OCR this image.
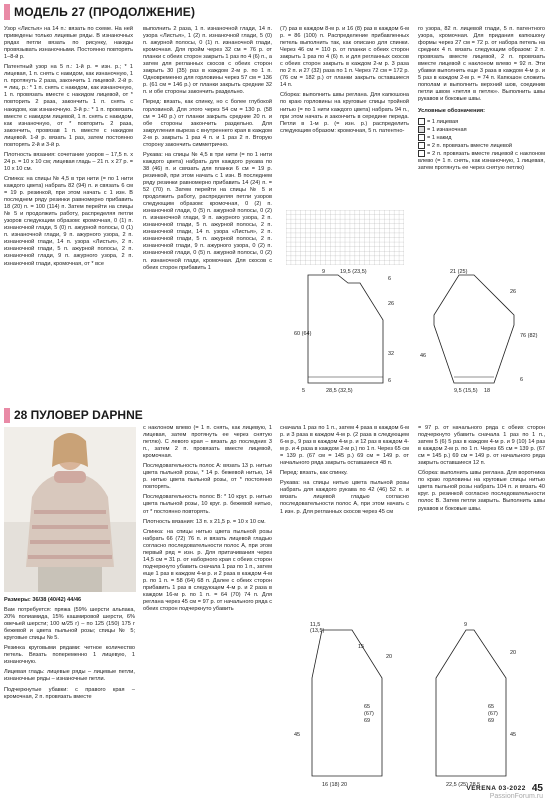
МОДЕЛЬ 27 (ПРОДОЛЖЕНИЕ)

Узор «Листья» на 14 п.: вязать по схеме. На ней приведены только лицевые ряды. В изнаночных рядах петли вязать по рисунку, накиды провязывать изнаночными. Постоянно повторять 1–8-й р.

Патентный узор на 5 п.: 1-й р. = изн. р.; * 1 лицевая, 1 п. снять с накидом, как изнаночную, 1 п. протянуть 2 раза, закончить 1 лицевой. 2-й р. = лиц. р.: * 1 п. снять с накидом, как изнаночную, 1 п. провязать вместе с накидом лицевой, от * повторить 2 раза, закончить 1 п. снять с накидом, как изнаночную. 3-й р.: * 1 п. провязать вместе с накидом лицевой, 1 п. снять с накидом, как изнаночную, от * повторить 2 раза, закончить, провязав 1 п. вместе с накидом лицевой. 1-й р. вязать 1 раз, затем постоянно повторять 2-й и 3-й р.

Плотность вязания: сочетание узоров – 17,5 п. х 24 р. = 10 х 10 см; лицевая гладь – 21 п. х 27 р. = 10 х 10 см.

Спинка: на спицы № 4,5 в три нити (= по 1 нити каждого цвета) набрать 82 (94) п. и связать 6 см = 19 р. резинкой, при этом начать с 1 изн. В последнем ряду резинки равномерно прибавить 18 (20) п. = 100 (114) п. Затем перейти на спицы № 5 и продолжить работу, распределяя петли узоров следующим образом: кромочная, 0 (1) п. изнаночной глади, 5 (0) п. ажурной полосы, 0 (1) п. изнаночной глади, 9 п. ажурного узора, 2 п. изнаночной глади, 14 п. узора «Листья», 2 п. изнаночной глади, 5 п. ажурной полосы, 2 п. изнаночной глади, 9 п. ажурного узора, 2 п. изнаночной глади, кромочная, от * все

выполнить 2 раза, 1 п. изнаночной глади, 14 п. узора «Листья», 1 (2) п. изнаночной глади, 5 (0) п. ажурной полосы, 0 (1) п. изнаночной глади, кромочная. Для пройм через 32 см = 76 р. от планки с обеих сторон закрыть 1 раз по 4 (6) п., а затем для регланных скосов с обеих сторон закрыть 30 (35) раз в каждом 2-м р. по 1 п. Одновременно для горловины через 57 см = 136 р. (61 см = 146 р.) от планки закрыть средние 32 п. и обе стороны закончить раздельно.

Перед: вязать, как спинку, но с более глубокой горловиной. Для этого через 54 см = 130 р. (58 см = 140 р.) от планки закрыть средние 20 п. и обе стороны закончить раздельно. Для закругления выреза с внутреннего края в каждом 2-м р. закрыть 1 раз 4 п. и 1 раз 2 п. Вторую сторону закончить симметрично.

Рукава: на спицы № 4,5 в три нити (= по 1 нити каждого цвета) набрать для каждого рукава по 38 (46) п. и связать для планки 6 см = 19 р. резинкой, при этом начать с 1 изн. В последнем ряду резинки равномерно прибавить 14 (24) п. = 52 (70) п. Затем перейти на спицы № 5 и продолжить работу, распределяя петли узоров следующим образом: кромочная, 0 (2) п. изнаночной глади, 0 (5) п. ажурной полосы, 0 (2) п. изнаночной глади, 9 п. ажурного узора, 2 п. изнаночной глади, 5 п. ажурной полосы, 2 п. изнаночной глади, 14 п. узора «Листья», 2 п. изнаночной глади, 5 п. ажурной полосы, 2 п. изнаночной глади, 9 п. ажурного узора, 0 (2) п. изнаночной глади, 0 (5) п. ажурной полосы, 0 (2) п. изнаночной глади, кромочная. Для скосов с обеих сторон прибавить 1

(7) раз в каждом 8-м р. и 16 (8) раз в каждом 6-м р. = 86 (100) п. Распределение прибавленных петель выполнить так, как описано для спинки. Через 46 см = 110 р. от планки с обеих сторон закрыть 1 раз по 4 (6) п. и для регланных скосов с обеих сторон закрыть в каждом 2-м р. 3 раза по 2 п. и 27 (32) раза по 1 п. Через 72 см = 172 р. (76 см = 182 р.) от планки закрыть оставшиеся 14 п.

Сборка: выполнить швы реглана. Для капюшона по краю горловины на круговые спицы тройной нитью (= по 1 нити каждого цвета) набрать 94 п., при этом начать и закончить в середине переда. Петли в 1-м р. (= изн. р.) распределить следующим образом: кромочная, 5 п. патентно-

го узора, 82 п. лицевой глади, 5 п. патентного узора, кромочная. Для придания капюшону формы через 27 см = 72 р. от набора петель на средних 4 п. вязать следующим образом: 2 п. провязать вместе лицевой, 2 п. провязать вместе лицевой с наклоном влево = 92 п. Эти убавки выполнить еще 3 раза в каждом 4-м р. и 5 раз в каждом 2-м р. = 74 п. Капюшон сложить пополам и выполнить верхний шов, соединив петли швом «петля в петлю». Выполнить швы рукавов и боковые швы.

Условные обозначения:

= 1 лицевая
= 1 изнаночная
= 1 накид
= 2 п. провязать вместе лицевой
= 2 п. провязать вместе лицевой с наклоном влево (= 1 п. снять, как изнаночную, 1 лицевая, затем протянуть ее через снятую петлю)
9	19,5 (23,5)
6
60 (64)
26
32
6
28,5 (32,5)
5
21 (25)
26
46
76 (82)
6
9,5 (15,5) 18
28 ПУЛОВЕР DAPHNE

Размеры: 36/38 (40/42) 44/46

Вам потребуется: пряжа (59% шерсти альпака, 20% полиамида, 15% кашмировой шерсти, 6% овечьей шерсти; 100 м/25 г) – по 125 (150) 175 г бежевой и цвета пыльной розы; спицы № 5; круговые спицы № 5.

Резинка круговыми рядами: четное количество петель. Вязать попеременно 1 лицевую, 1 изнаночную.

Лицевая гладь: лицевые ряды – лицевые петли, изнаночные ряды – изнаночные петли.

Подчеркнутые убавки: с правого края – кромочная, 2 п. провязать вместе

с наклоном влево (= 1 п. снять, как лицевую, 1 лицевая, затем протянуть ее через снятую петлю). С левого края – вязать до последних 3 п., затем 2 п. провязать вместе лицевой, кромочная.

Последовательность полос А: вязать 13 р. нитью цвета пыльной розы, * 14 р. бежевой нитью, 14 р. нитью цвета пыльной розы, от * постоянно повторять.

Последовательность полос В: * 10 круг. р. нитью цвета пыльной розы, 10 круг. р. бежевой нитью, от * постоянно повторять.

Плотность вязания: 13 п. х 21,5 р. = 10 х 10 см.

Спинка: на спицы нитью цвета пыльной розы набрать 66 (72) 76 п. и вязать лицевой гладью согласно последовательности полос А, при этом первый ряд = изн. р. Для притачивания через 14,5 см = 31 р. от наборного края с обеих сторон подчеркнуто убавить сначала 1 раз по 1 п., затем еще 1 раз в каждом 4-м р. и 2 раза в каждом 4-м р. по 1 п. = 58 (64) 68 п. Далее с обеих сторон прибавить 1 раз в следующем 4-м р. и 2 раза в каждом 16-м р. по 1 п. = 64 (70) 74 п. Для реглана через 45 см = 97 р. от начального ряда с обеих сторон подчеркнуто убавить

сначала 1 раз по 1 п., затем 4 раза в каждом 6-м р. и 3 раза в каждом 4-м р. (2 раза в следующем 6-м р., 9 раз в каждом 4-м р. и 12 раз в каждом 4-м р. и 4 раза в каждом 2-м р.) по 1 п. Через 65 см = 139 р. (67 см = 145 р.) 69 см = 149 р. от начального ряда закрыть оставшиеся 48 п.

Перед: вязать, как спинку.

Рукава: на спицы нитью цвета пыльной розы набрать для каждого рукава по 42 (46) 52 п. и вязать лицевой гладью согласно последовательности полос А, при этом начать с 1 изн. р. Для регланных скосов через 45 см

= 97 р. от начального ряда с обеих сторон подчеркнуто убавить сначала 1 раз по 1 п., затем 5 (6) 5 раз в каждом 4-м р. и 9 (10) 14 раз в каждом 2-м р. по 1 п. Через 65 см = 139 р. (67 см = 145 р.) 69 см = 149 р. от начального ряда закрыть оставшиеся 12 п.

Сборка: выполнить швы реглана. Для воротника по краю горловины на круговые спицы нитью цвета пыльной розы набрать 104 п. и вязать 40 круг. р. резинкой согласно последовательности полос В. Затем петли закрыть. Выполнить швы рукавов и боковые швы.

11,5
(13,5)
15
20
65
(67)
69
45
16 (18) 20
9
20
65
(67)
69
45
22,5 (25) 28,5
VERENA 03-2022 45
PassionForum.ru
